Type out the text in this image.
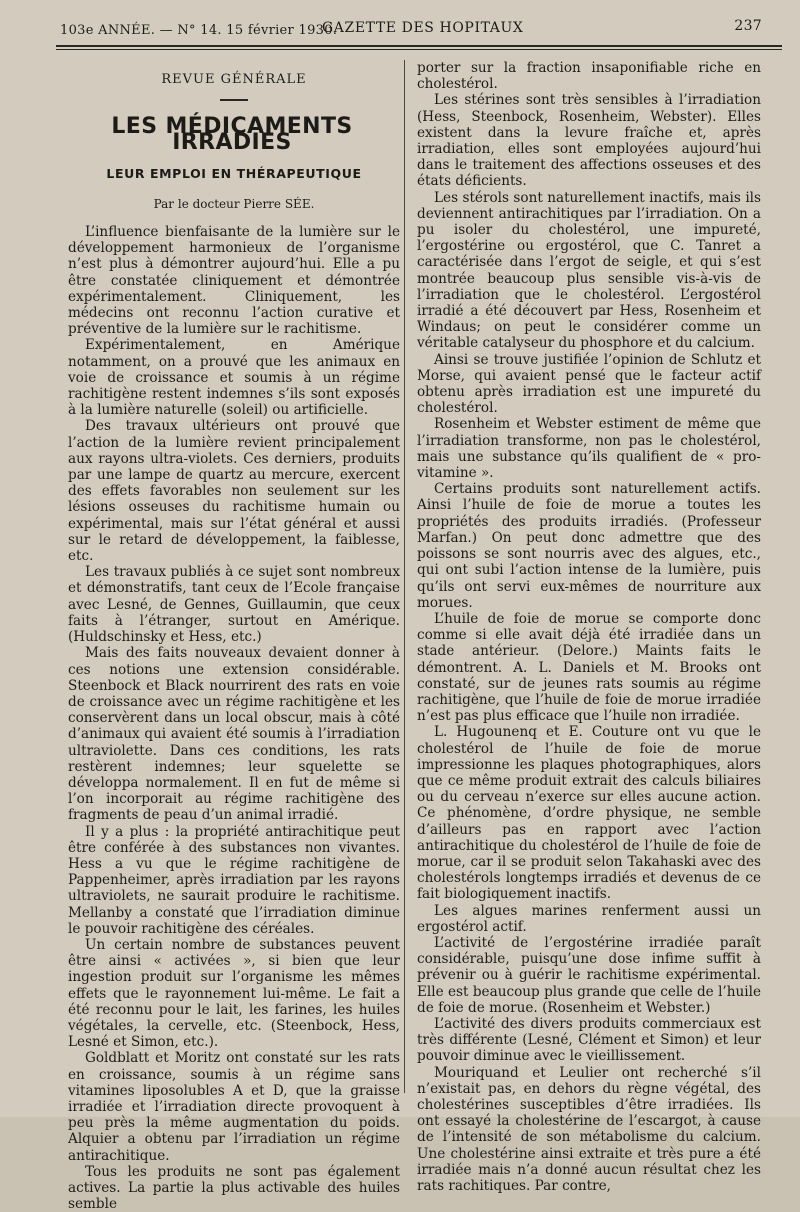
103e ANNÉE. — N° 14. 15 février 1930.
GAZETTE DES HOPITAUX	237
REVUE GÉNÉRALE
LES MÉDICAMENTS IRRADIÉS
LEUR EMPLOI EN THÉRAPEUTIQUE
Par le docteur Pierre SÉE.

L’influence bienfaisante de la lumière sur le développement harmonieux de l’organisme n’est plus à démontrer aujourd’hui. Elle a pu être constatée cliniquement et démontrée expérimentalement. Cliniquement, les médecins ont reconnu l’action curative et préventive de la lumière sur le rachitisme.

Expérimentalement, en Amérique notamment, on a prouvé que les animaux en voie de croissance et soumis à un régime rachitigène restent indemnes s’ils sont exposés à la lumière naturelle (soleil) ou artificielle.

Des travaux ultérieurs ont prouvé que l’action de la lumière revient principalement aux rayons ultra-violets. Ces derniers, produits par une lampe de quartz au mercure, exercent des effets favorables non seulement sur les lésions osseuses du rachitisme humain ou expérimental, mais sur l’état général et aussi sur le retard de développement, la faiblesse, etc.

Les travaux publiés à ce sujet sont nombreux et démonstratifs, tant ceux de l’Ecole française avec Lesné, de Gennes, Guillaumin, que ceux faits à l’étranger, surtout en Amérique. (Huldschinsky et Hess, etc.)

Mais des faits nouveaux devaient donner à ces notions une extension considérable. Steenbock et Black nourrirent des rats en voie de croissance avec un régime rachitigène et les conservèrent dans un local obscur, mais à côté d’animaux qui avaient été soumis à l’irradiation ultraviolette. Dans ces conditions, les rats restèrent indemnes; leur squelette se développa normalement. Il en fut de même si l’on incorporait au régime rachitigène des fragments de peau d’un animal irradié.

Il y a plus : la propriété antirachitique peut être conférée à des substances non vivantes. Hess a vu que le régime rachitigène de Pappenheimer, après irradiation par les rayons ultraviolets, ne saurait produire le rachitisme. Mellanby a constaté que l’irradiation diminue le pouvoir rachitigène des céréales.

Un certain nombre de substances peuvent être ainsi « activées », si bien que leur ingestion produit sur l’organisme les mêmes effets que le rayonnement lui-même. Le fait a été reconnu pour le lait, les farines, les huiles végétales, la cervelle, etc. (Steenbock, Hess, Lesné et Simon, etc.).

Goldblatt et Moritz ont constaté sur les rats en croissance, soumis à un régime sans vitamines liposolubles A et D, que la graisse irradiée et l’irradiation directe provoquent à peu près la même augmentation du poids. Alquier a obtenu par l’irradiation un régime antirachitique.

Tous les produits ne sont pas également actives. La partie la plus activable des huiles semble

porter sur la fraction insaponifiable riche en cholestérol.

Les stérines sont très sensibles à l’irradiation (Hess, Steenbock, Rosenheim, Webster). Elles existent dans la levure fraîche et, après irradiation, elles sont employées aujourd’hui dans le traitement des affections osseuses et des états déficients.

Les stérols sont naturellement inactifs, mais ils deviennent antirachitiques par l’irradiation. On a pu isoler du cholestérol, une impureté, l’ergostérine ou ergostérol, que C. Tanret a caractérisée dans l’ergot de seigle, et qui s’est montrée beaucoup plus sensible vis-à-vis de l’irradiation que le cholestérol. L’ergostérol irradié a été découvert par Hess, Rosenheim et Windaus; on peut le considérer comme un véritable catalyseur du phosphore et du calcium.

Ainsi se trouve justifiée l’opinion de Schlutz et Morse, qui avaient pensé que le facteur actif obtenu après irradiation est une impureté du cholestérol.

Rosenheim et Webster estiment de même que l’irradiation transforme, non pas le cholestérol, mais une substance qu’ils qualifient de « pro-vitamine ».

Certains produits sont naturellement actifs. Ainsi l’huile de foie de morue a toutes les propriétés des produits irradiés. (Professeur Marfan.) On peut donc admettre que des poissons se sont nourris avec des algues, etc., qui ont subi l’action intense de la lumière, puis qu’ils ont servi eux-mêmes de nourriture aux morues.

L’huile de foie de morue se comporte donc comme si elle avait déjà été irradiée dans un stade antérieur. (Delore.) Maints faits le démontrent. A. L. Daniels et M. Brooks ont constaté, sur de jeunes rats soumis au régime rachitigène, que l’huile de foie de morue irradiée n’est pas plus efficace que l’huile non irradiée.

L. Hugounenq et E. Couture ont vu que le cholestérol de l’huile de foie de morue impressionne les plaques photographiques, alors que ce même produit extrait des calculs biliaires ou du cerveau n’exerce sur elles aucune action. Ce phénomène, d’ordre physique, ne semble d’ailleurs pas en rapport avec l’action antirachitique du cholestérol de l’huile de foie de morue, car il se produit selon Takahaski avec des cholestérols longtemps irradiés et devenus de ce fait biologiquement inactifs.

Les algues marines renferment aussi un ergostérol actif.

L’activité de l’ergostérine irradiée paraît considérable, puisqu’une dose infime suffit à prévenir ou à guérir le rachitisme expérimental. Elle est beaucoup plus grande que celle de l’huile de foie de morue. (Rosenheim et Webster.)

L’activité des divers produits commerciaux est très différente (Lesné, Clément et Simon) et leur pouvoir diminue avec le vieillissement.

Mouriquand et Leulier ont recherché s’il n’existait pas, en dehors du règne végétal, des cholestérines susceptibles d’être irradiées. Ils ont essayé la cholestérine de l’escargot, à cause de l’intensité de son métabolisme du calcium. Une cholestérine ainsi extraite et très pure a été irradiée mais n’a donné aucun résultat chez les rats rachitiques. Par contre,
